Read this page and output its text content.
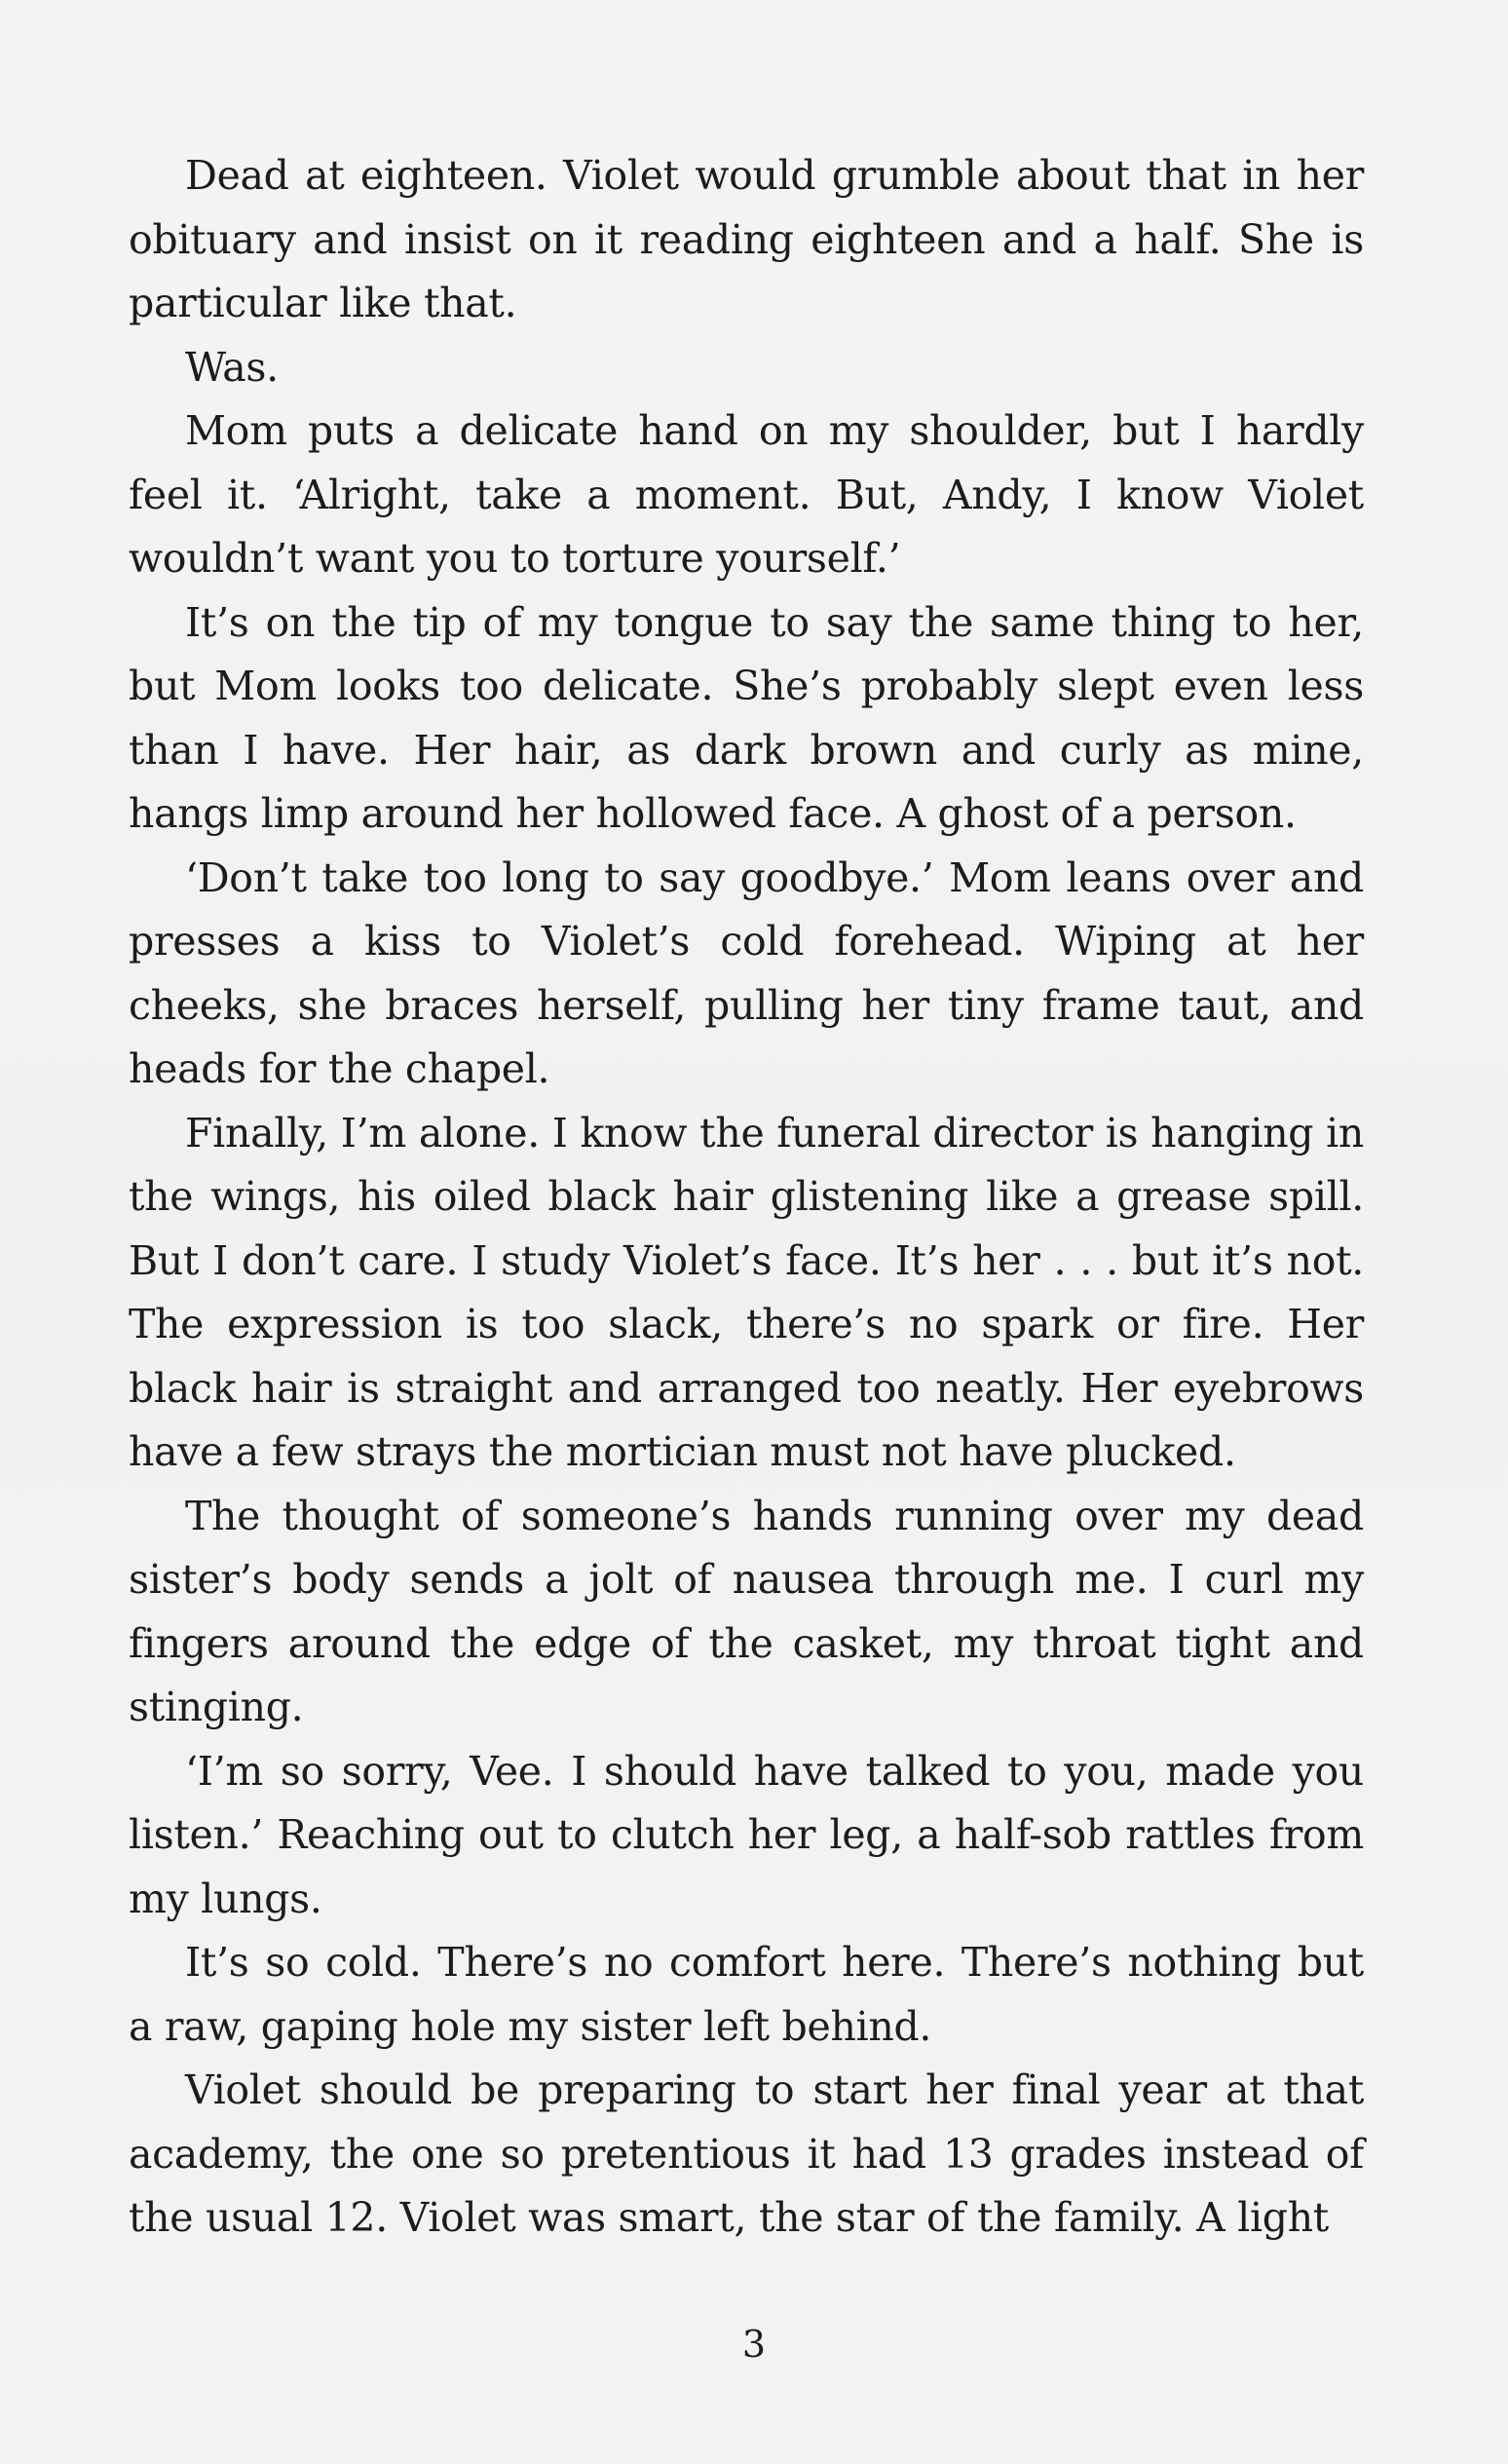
Dead at eighteen. Violet would grumble about that in her obituary and insist on it reading eighteen and a half. She is particular like that.

Was.

Mom puts a delicate hand on my shoulder, but I hardly feel it. ‘Alright, take a moment. But, Andy, I know Violet wouldn’t want you to torture yourself.’

It’s on the tip of my tongue to say the same thing to her, but Mom looks too delicate. She’s probably slept even less than I have. Her hair, as dark brown and curly as mine, hangs limp around her hollowed face. A ghost of a person.

‘Don’t take too long to say goodbye.’ Mom leans over and presses a kiss to Violet’s cold forehead. Wiping at her cheeks, she braces herself, pulling her tiny frame taut, and heads for the chapel.

Finally, I’m alone. I know the funeral director is hanging in the wings, his oiled black hair glistening like a grease spill. But I don’t care. I study Violet’s face. It’s her . . . but it’s not. The expression is too slack, there’s no spark or fire. Her black hair is straight and arranged too neatly. Her eyebrows have a few strays the mortician must not have plucked.

The thought of someone’s hands running over my dead sister’s body sends a jolt of nausea through me. I curl my fingers around the edge of the casket, my throat tight and stinging.

‘I’m so sorry, Vee. I should have talked to you, made you listen.’ Reaching out to clutch her leg, a half-sob rattles from my lungs.

It’s so cold. There’s no comfort here. There’s nothing but a raw, gaping hole my sister left behind.

Violet should be preparing to start her final year at that academy, the one so pretentious it had 13 grades instead of the usual 12. Violet was smart, the star of the family. A light

3
